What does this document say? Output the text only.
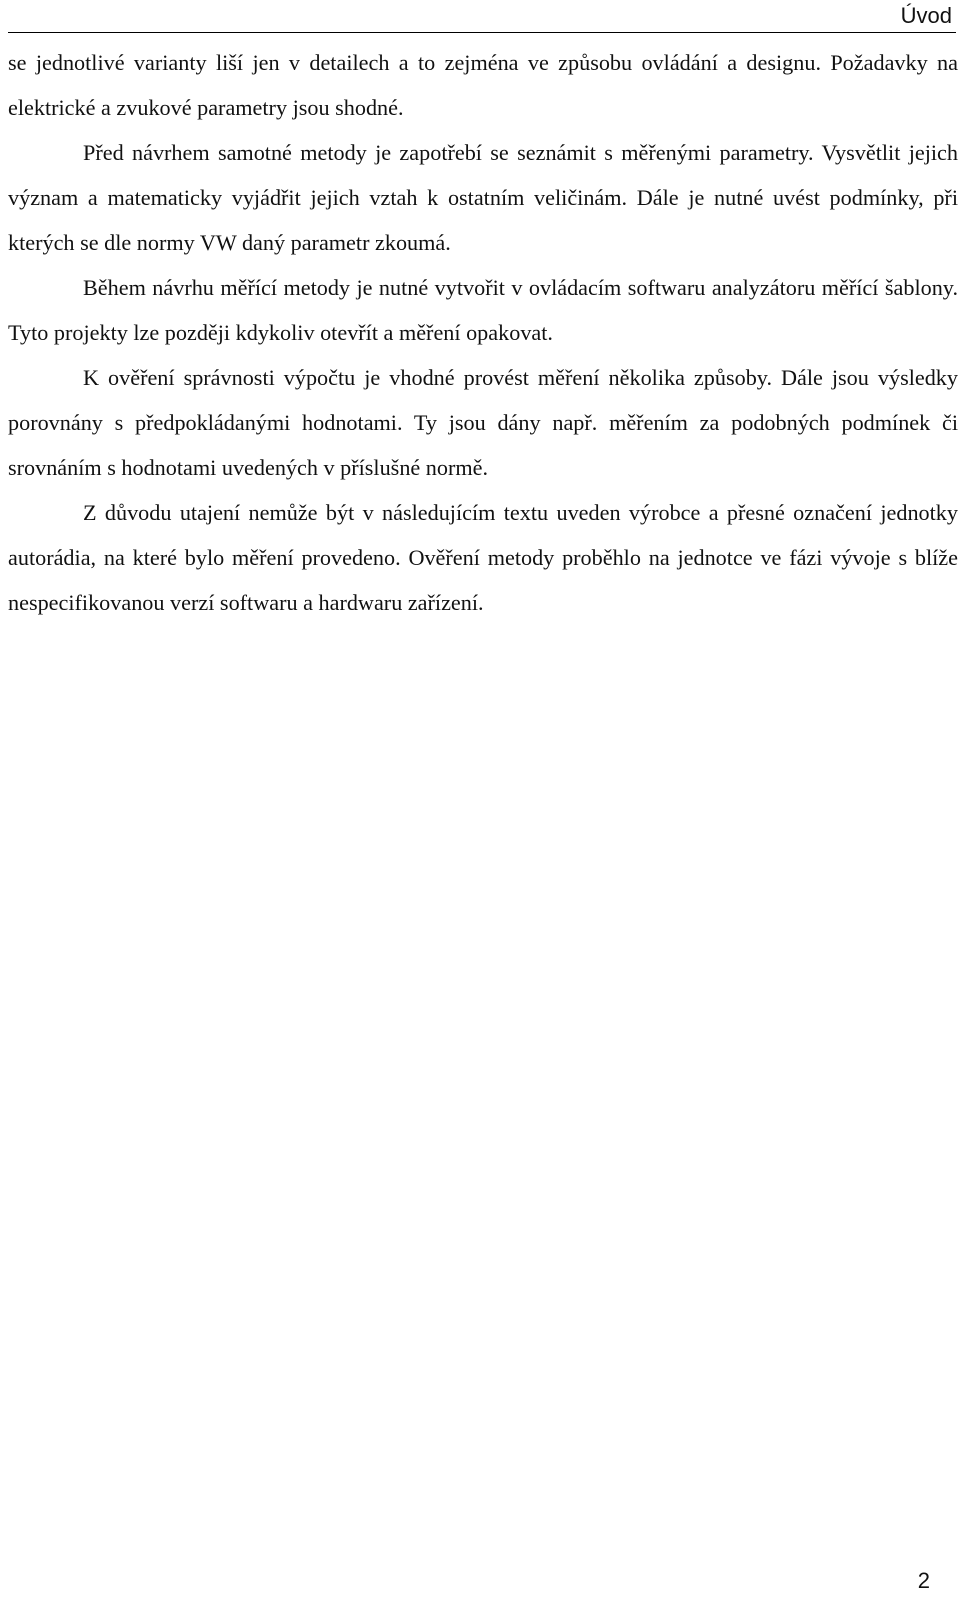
Úvod

se jednotlivé varianty liší jen v detailech a to zejména ve způsobu ovládání a designu. Požadavky na elektrické a zvukové parametry jsou shodné.

Před návrhem samotné metody je zapotřebí se seznámit s měřenými parametry. Vysvětlit jejich význam a matematicky vyjádřit jejich vztah k ostatním veličinám. Dále je nutné uvést podmínky, při kterých se dle normy VW daný parametr zkoumá.

Během návrhu měřící metody je nutné vytvořit v ovládacím softwaru analyzátoru měřící šablony. Tyto projekty lze později kdykoliv otevřít a měření opakovat.

K ověření správnosti výpočtu je vhodné provést měření několika způsoby. Dále jsou výsledky porovnány s předpokládanými hodnotami. Ty jsou dány např. měřením za podobných podmínek či srovnáním s hodnotami uvedených v příslušné normě.

Z důvodu utajení nemůže být v následujícím textu uveden výrobce a přesné označení jednotky autorádia, na které bylo měření provedeno. Ověření metody proběhlo na jednotce ve fázi vývoje s blíže nespecifikovanou verzí softwaru a hardwaru zařízení.

2
